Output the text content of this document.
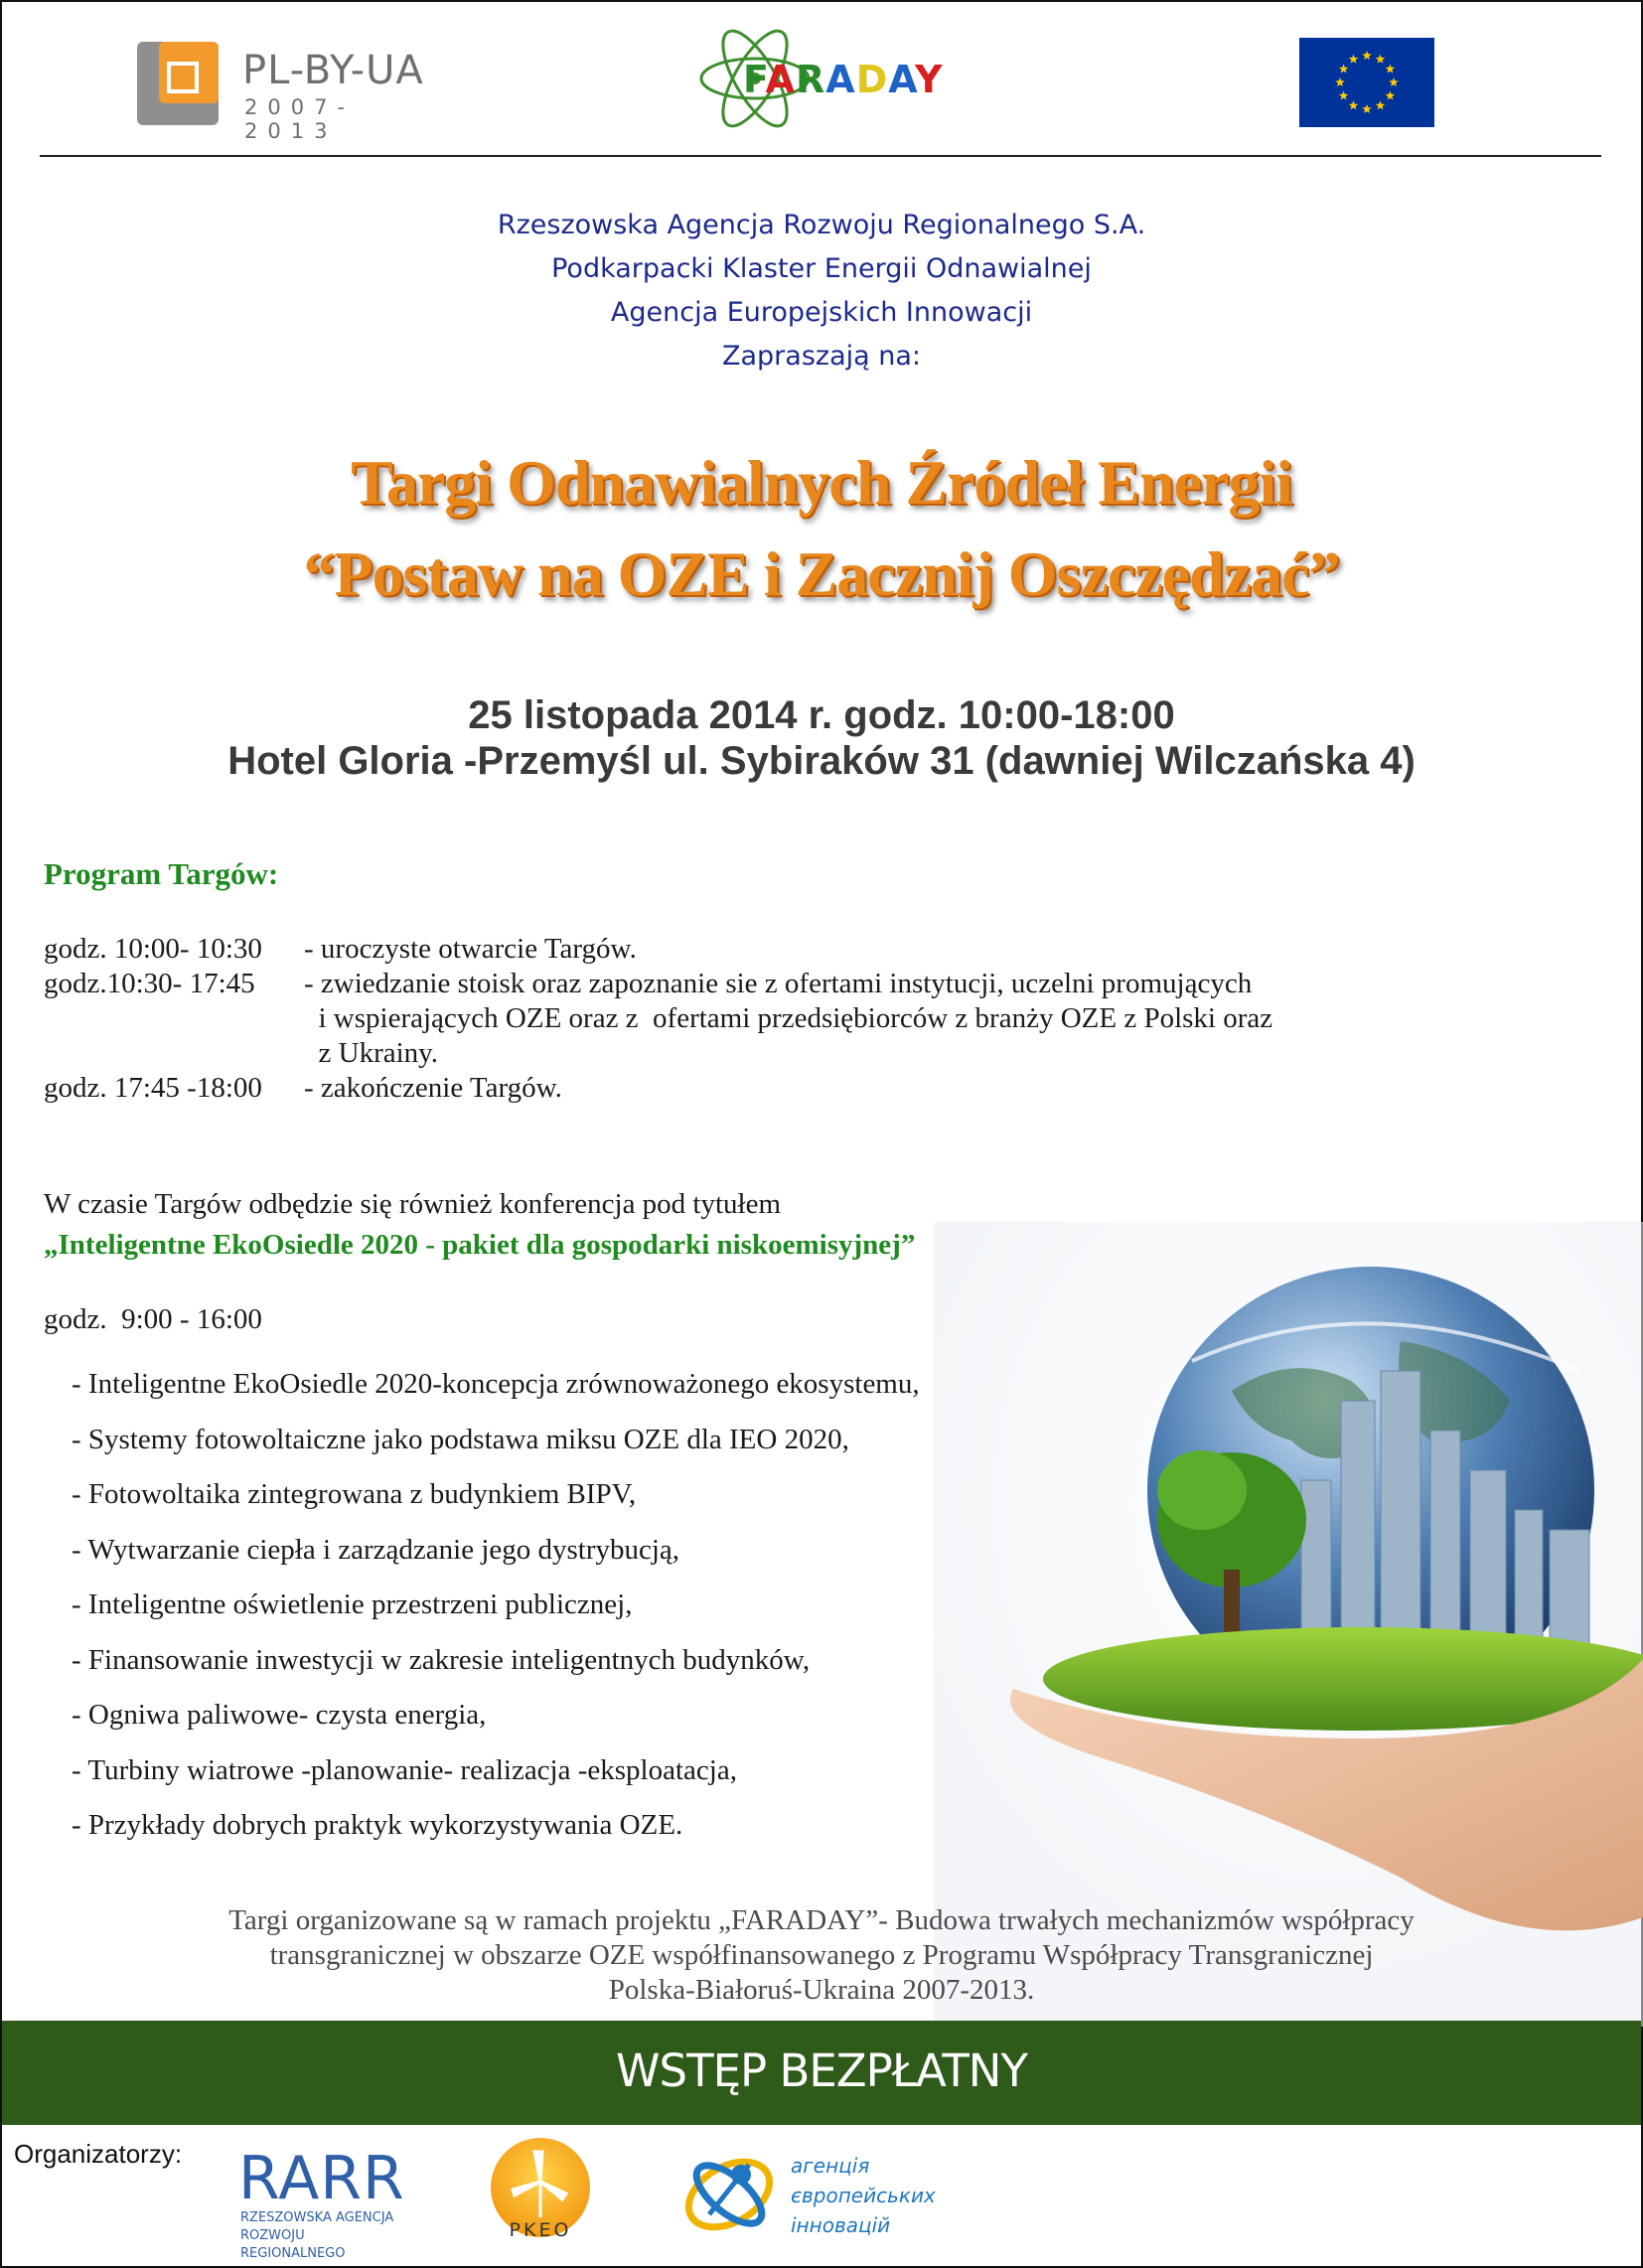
PL-BY-UA
2007-2013
FARADAY
Rzeszowska Agencja Rozwoju Regionalnego S.A.
Podkarpacki Klaster Energii Odnawialnej
Agencja Europejskich Innowacji
Zapraszają na:
Targi Odnawialnych Źródeł Energii
“Postaw na OZE i Zacznij Oszczędzać”
25 listopada 2014 r. godz. 10:00-18:00
Hotel Gloria -Przemyśl ul. Sybiraków 31 (dawniej Wilczańska 4)
Program Targów:
godz. 10:00- 10:30	- uroczyste otwarcie Targów.
godz.10:30- 17:45	- zwiedzanie stoisk oraz zapoznanie sie z ofertami instytucji, uczelni promujących
i wspierających OZE oraz z  ofertami przedsiębiorców z branży OZE z Polski oraz
z Ukrainy.
godz. 17:45 -18:00	- zakończenie Targów.
W czasie Targów odbędzie się również konferencja pod tytułem
„Inteligentne EkoOsiedle 2020 - pakiet dla gospodarki niskoemisyjnej”
godz.  9:00 - 16:00
- Inteligentne EkoOsiedle 2020-koncepcja zrównoważonego ekosystemu,
- Systemy fotowoltaiczne jako podstawa miksu OZE dla IEO 2020,
- Fotowoltaika zintegrowana z budynkiem BIPV,
- Wytwarzanie ciepła i zarządzanie jego dystrybucją,
- Inteligentne oświetlenie przestrzeni publicznej,
- Finansowanie inwestycji w zakresie inteligentnych budynków,
- Ogniwa paliwowe- czysta energia,
- Turbiny wiatrowe -planowanie- realizacja -eksploatacja,
- Przykłady dobrych praktyk wykorzystywania OZE.
Targi organizowane są w ramach projektu „FARADAY”- Budowa trwałych mechanizmów współpracy
transgranicznej w obszarze OZE współfinansowanego z Programu Współpracy Transgranicznej
Polska-Białoruś-Ukraina 2007-2013.
WSTĘP BEZPŁATNY
Organizatorzy: RARR
RZESZOWSKA AGENCJA
ROZWOJU REGIONALNEGO
PKEO
агенція
європейських
інновацій
